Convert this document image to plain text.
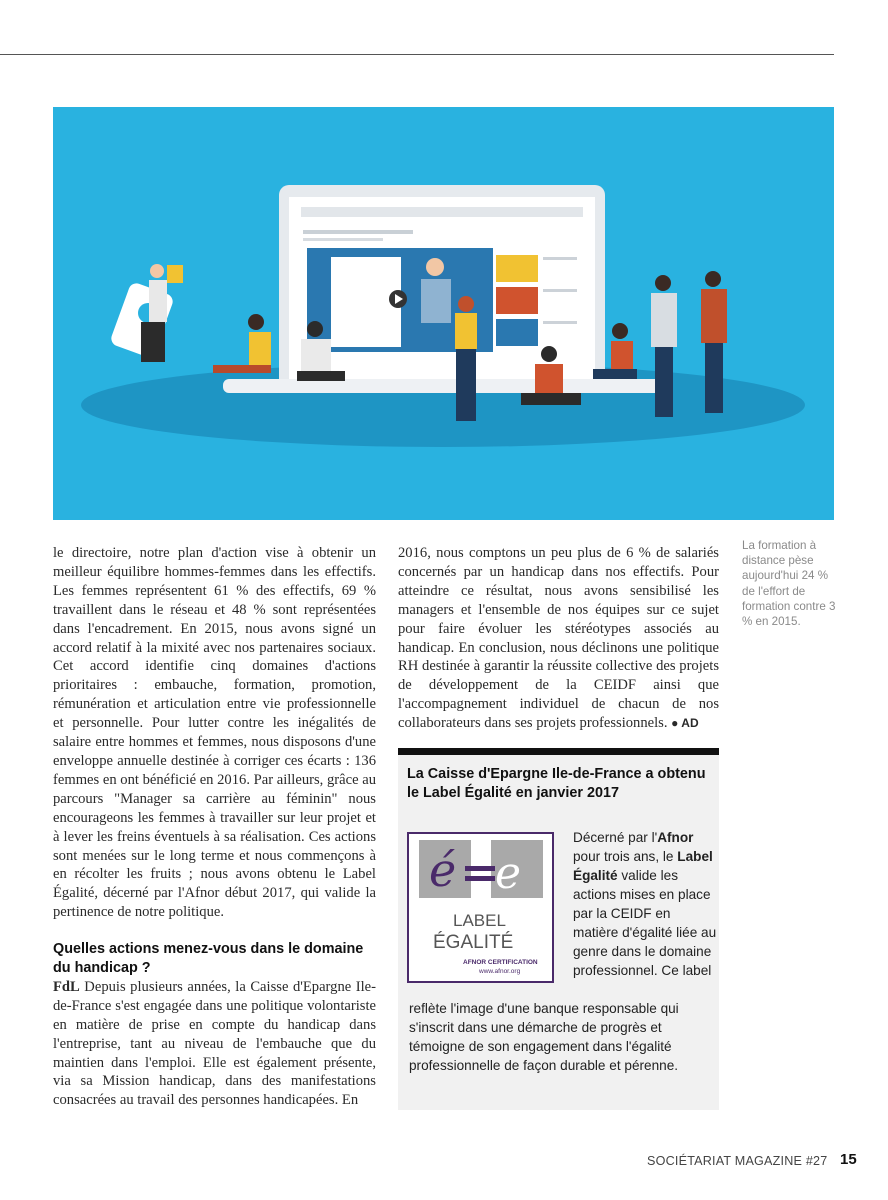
le directoire, notre plan d'action vise à obtenir un meilleur équilibre hommes-femmes dans les effectifs. Les femmes représentent 61 % des effectifs, 69 % travaillent dans le réseau et 48 % sont représentées dans l'encadrement. En 2015, nous avons signé un accord relatif à la mixité avec nos partenaires sociaux. Cet accord identifie cinq domaines d'actions prioritaires : embauche, formation, promotion, rémunération et articulation entre vie professionnelle et personnelle. Pour lutter contre les inégalités de salaire entre hommes et femmes, nous disposons d'une enveloppe annuelle destinée à corriger ces écarts : 136 femmes en ont bénéficié en 2016. Par ailleurs, grâce au parcours "Manager sa carrière au féminin" nous encourageons les femmes à travailler sur leur projet et à lever les freins éventuels à sa réalisation. Ces actions sont menées sur le long terme et nous commençons à en récolter les fruits ; nous avons obtenu le Label Égalité, décerné par l'Afnor début 2017, qui valide la pertinence de notre politique.

Quelles actions menez-vous dans le domaine du handicap ?

FdL Depuis plusieurs années, la Caisse d'Epargne Ile-de-France s'est engagée dans une politique volontariste en matière de prise en compte du handicap dans l'entreprise, tant au niveau de l'embauche que du maintien dans l'emploi. Elle est également présente, via sa Mission handicap, dans des manifestations consacrées au travail des personnes handicapées. En

2016, nous comptons un peu plus de 6 % de salariés concernés par un handicap dans nos effectifs. Pour atteindre ce résultat, nous avons sensibilisé les managers et l'ensemble de nos équipes sur ce sujet pour faire évoluer les stéréotypes associés au handicap. En conclusion, nous déclinons une politique RH destinée à garantir la réussite collective des projets de développement de la CEIDF ainsi que l'accompagnement individuel de chacun de nos collaborateurs dans ses projets professionnels. ● AD

La formation à distance pèse aujourd'hui 24 % de l'effort de formation contre 3 % en 2015.
La Caisse d'Epargne Ile-de-France a obtenu le Label Égalité en janvier 2017
é e
LABEL
ÉGALITÉ
AFNOR CERTIFICATION
www.afnor.org
Décerné par l'Afnor pour trois ans, le Label Égalité valide les actions mises en place par la CEIDF en matière d'égalité liée au genre dans le domaine professionnel. Ce label
reflète l'image d'une banque responsable qui s'inscrit dans une démarche de progrès et témoigne de son engagement dans l'égalité professionnelle de façon durable et pérenne.
SOCIÉTARIAT MAGAZINE #27 15
